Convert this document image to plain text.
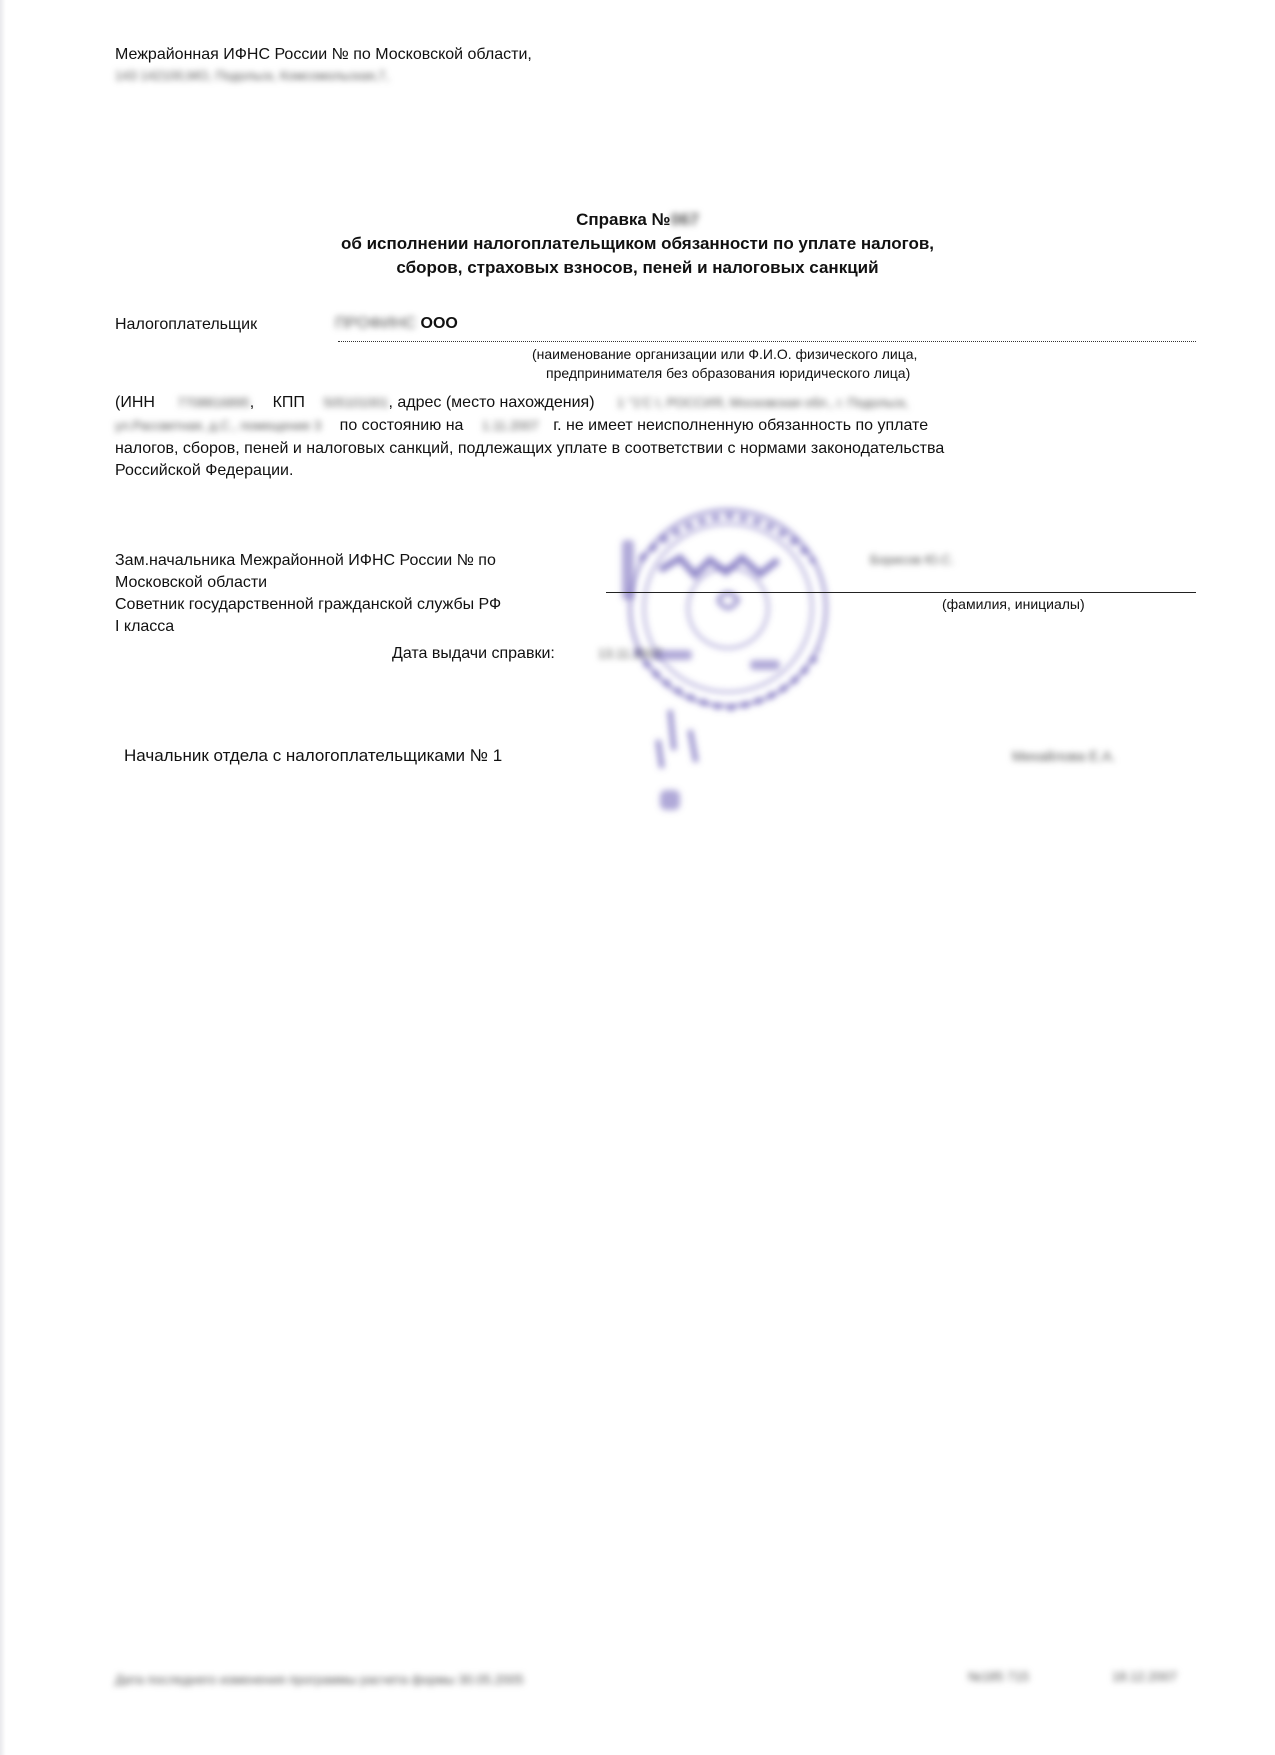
Межрайонная ИФНС России № по Московской области,
143 142100,МО, Подольск, Комсомольская,7,
Справка №067
об исполнении налогоплательщиком обязанности по уплате налогов,
сборов, страховых взносов, пеней и налоговых санкций
Налогоплательщик	ПРОФИНС ООО
(наименование организации или Ф.И.О. физического лица,
предпринимателя без образования юридического лица)
(ИНН 7708816895, КПП 505101001, адрес (место нахождения) 1 °1'С I, РОССИЯ, Московская обл., г. Подольск,
ул.Рассветная, д.С., помещение 3 по состоянию на 1.11.2007 г. не имеет неисполненную обязанность по уплате
налогов, сборов, пеней и налоговых санкций, подлежащих уплате в соответствии с нормами законодательства
Российской Федерации.
Зам.начальника Межрайонной ИФНС России № по
Московской области
Советник государственной гражданской службы РФ
I класса
Борисов Ю.С.
(фамилия, инициалы)
Дата выдачи справки:	13.11.2007
Начальник отдела с налогоплательщиками № 1	Михайлова Е.А.
Дата последнего изменения программы расчета формы 30.05.2005	№185 715	18.12.2007
